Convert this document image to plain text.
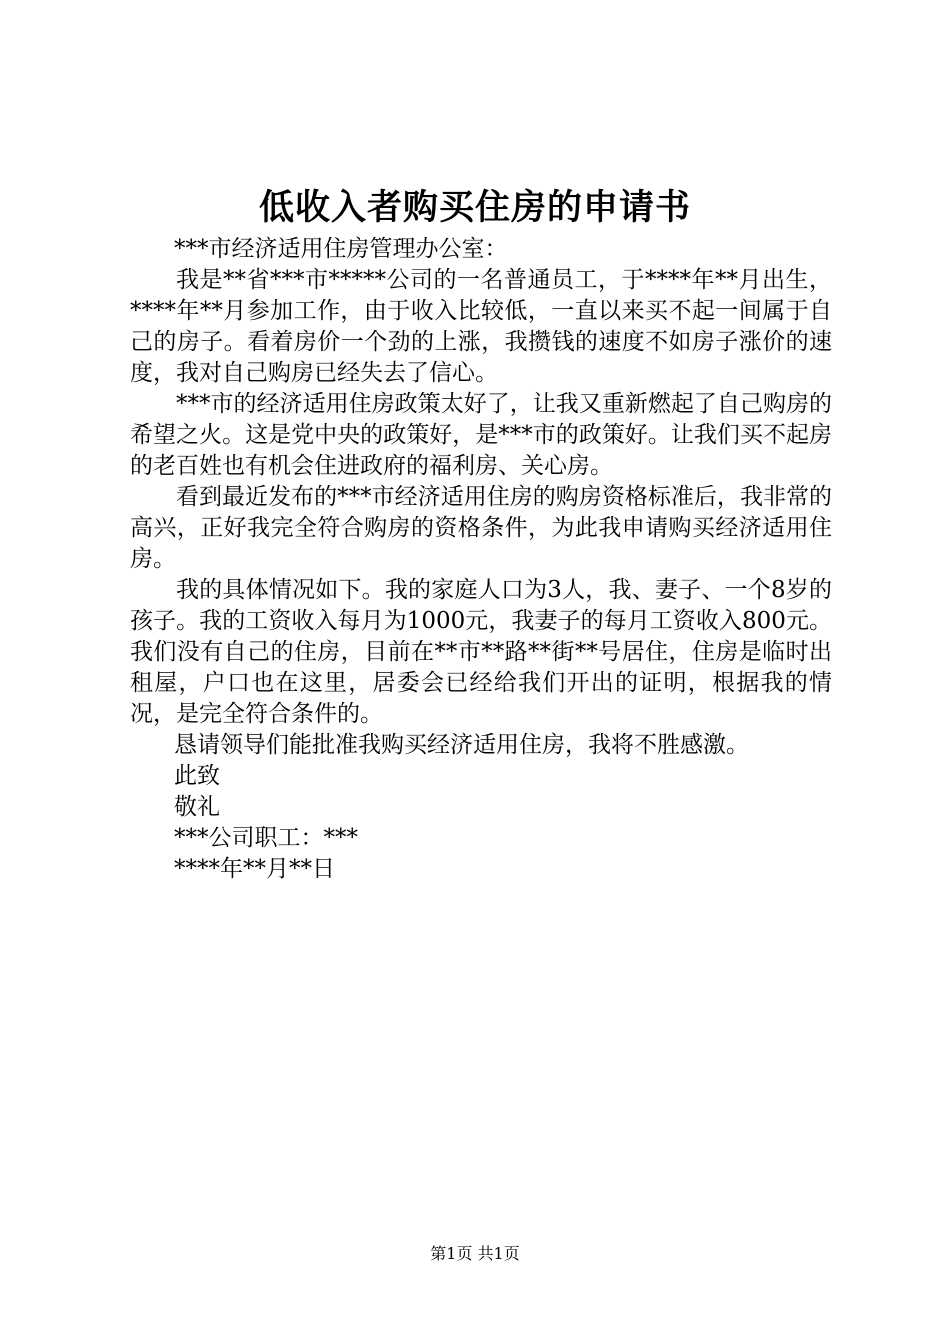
低收入者购买住房的申请书

***市经济适用住房管理办公室：

我是**省***市*****公司的一名普通员工，于****年**月出生，****年**月参加工作，由于收入比较低，一直以来买不起一间属于自己的房子。看着房价一个劲的上涨，我攒钱的速度不如房子涨价的速度，我对自己购房已经失去了信心。

***市的经济适用住房政策太好了，让我又重新燃起了自己购房的希望之火。这是党中央的政策好，是***市的政策好。让我们买不起房的老百姓也有机会住进政府的福利房、关心房。

看到最近发布的***市经济适用住房的购房资格标准后，我非常的高兴，正好我完全符合购房的资格条件，为此我申请购买经济适用住房。

我的具体情况如下。我的家庭人口为3人，我、妻子、一个8岁的孩子。我的工资收入每月为1000元，我妻子的每月工资收入800元。我们没有自己的住房，目前在**市**路**街**号居住，住房是临时出租屋，户口也在这里，居委会已经给我们开出的证明，根据我的情况，是完全符合条件的。

恳请领导们能批准我购买经济适用住房，我将不胜感激。

此致

敬礼

***公司职工：***

****年**月**日

第1页 共1页
